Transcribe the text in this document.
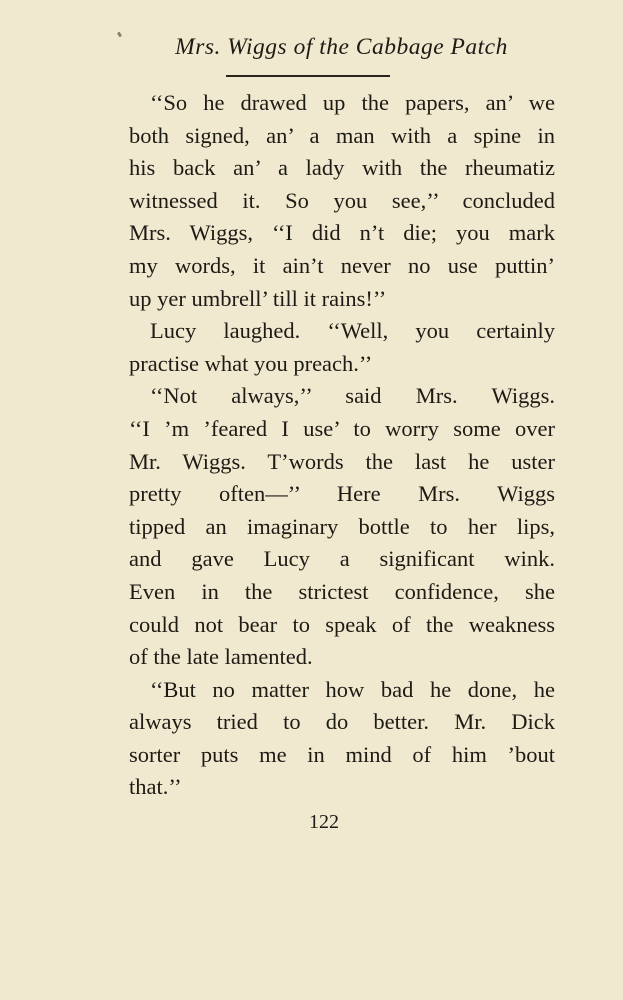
Mrs. Wiggs of the Cabbage Patch
‘‘So he drawed up the papers, an’ we
both signed, an’ a man with a spine in
his back an’ a lady with the rheumatiz
witnessed it. So you see,’’ concluded
Mrs. Wiggs, ‘‘I did n’t die; you mark
my words, it ain’t never no use puttin’
up yer umbrell’ till it rains!’’
Lucy laughed. ‘‘Well, you certainly
practise what you preach.’’
‘‘Not always,’’ said Mrs. Wiggs.
‘‘I ’m ’feared I use’ to worry some over
Mr. Wiggs. T’words the last he uster
pretty often—’’ Here Mrs. Wiggs
tipped an imaginary bottle to her lips,
and gave Lucy a significant wink.
Even in the strictest confidence, she
could not bear to speak of the weakness
of the late lamented.
‘‘But no matter how bad he done, he
always tried to do better. Mr. Dick
sorter puts me in mind of him ’bout
that.’’
122
